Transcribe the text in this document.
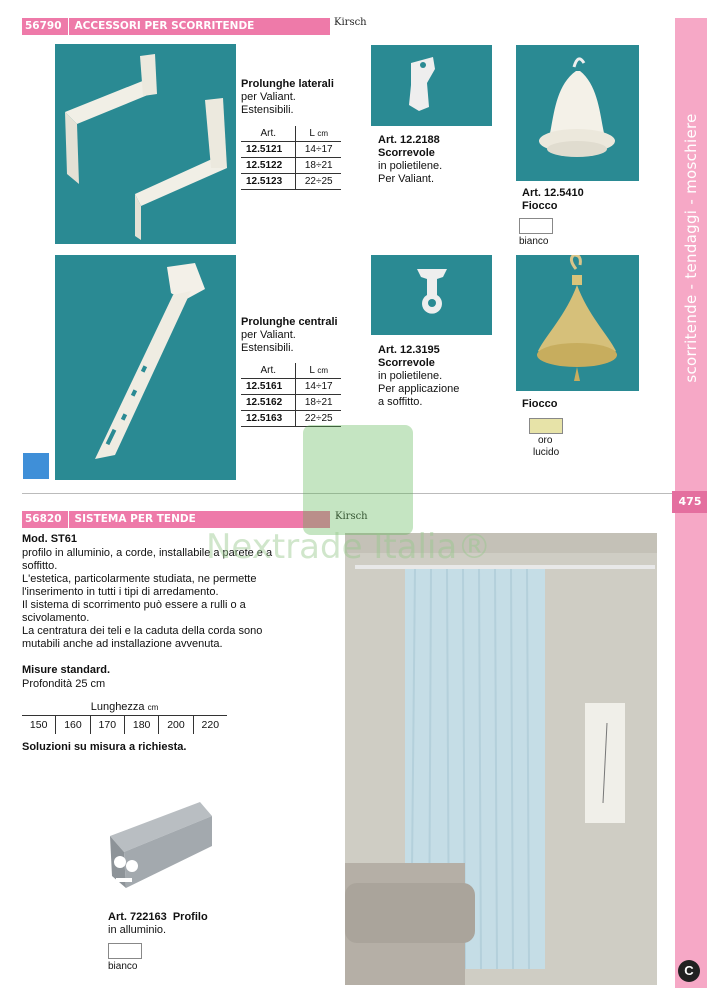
scorritende - tendaggi - moschiere
475
C
56790 ACCESSORI PER SCORRITENDE	Kirsch
Prolunghe laterali
per Valiant.
Estensibili.
Art.	L cm
12.5121	14÷17
12.5122	18÷21
12.5123	22÷25
Art. 12.2188
Scorrevole
in polietilene.
Per Valiant.
Art. 12.5410
Fiocco
bianco
Prolunghe centrali
per Valiant.
Estensibili.
Art.	L cm
12.5161	14÷17
12.5162	18÷21
12.5163	22÷25
Art. 12.3195
Scorrevole
in polietilene.
Per applicazione
a soffitto.	Fiocco
oro
lucido
56820 SISTEMA PER TENDE	Kirsch
Mod. ST61
profilo in alluminio, a corde, installabile a parete e a
soffitto.
L'estetica, particolarmente studiata, ne permette
l'inserimento in tutti i tipi di arredamento.
Il sistema di scorrimento può essere a rulli o a
scivolamento.
La centratura dei teli e la caduta della corda sono
mutabili anche ad installazione avvenuta.
Misure standard.
Profondità 25 cm
Lunghezza cm
150	160	170	180	200	220
Soluzioni su misura a richiesta.
Art. 722163 Profilo
in alluminio.
bianco
Nextrade Italia®
